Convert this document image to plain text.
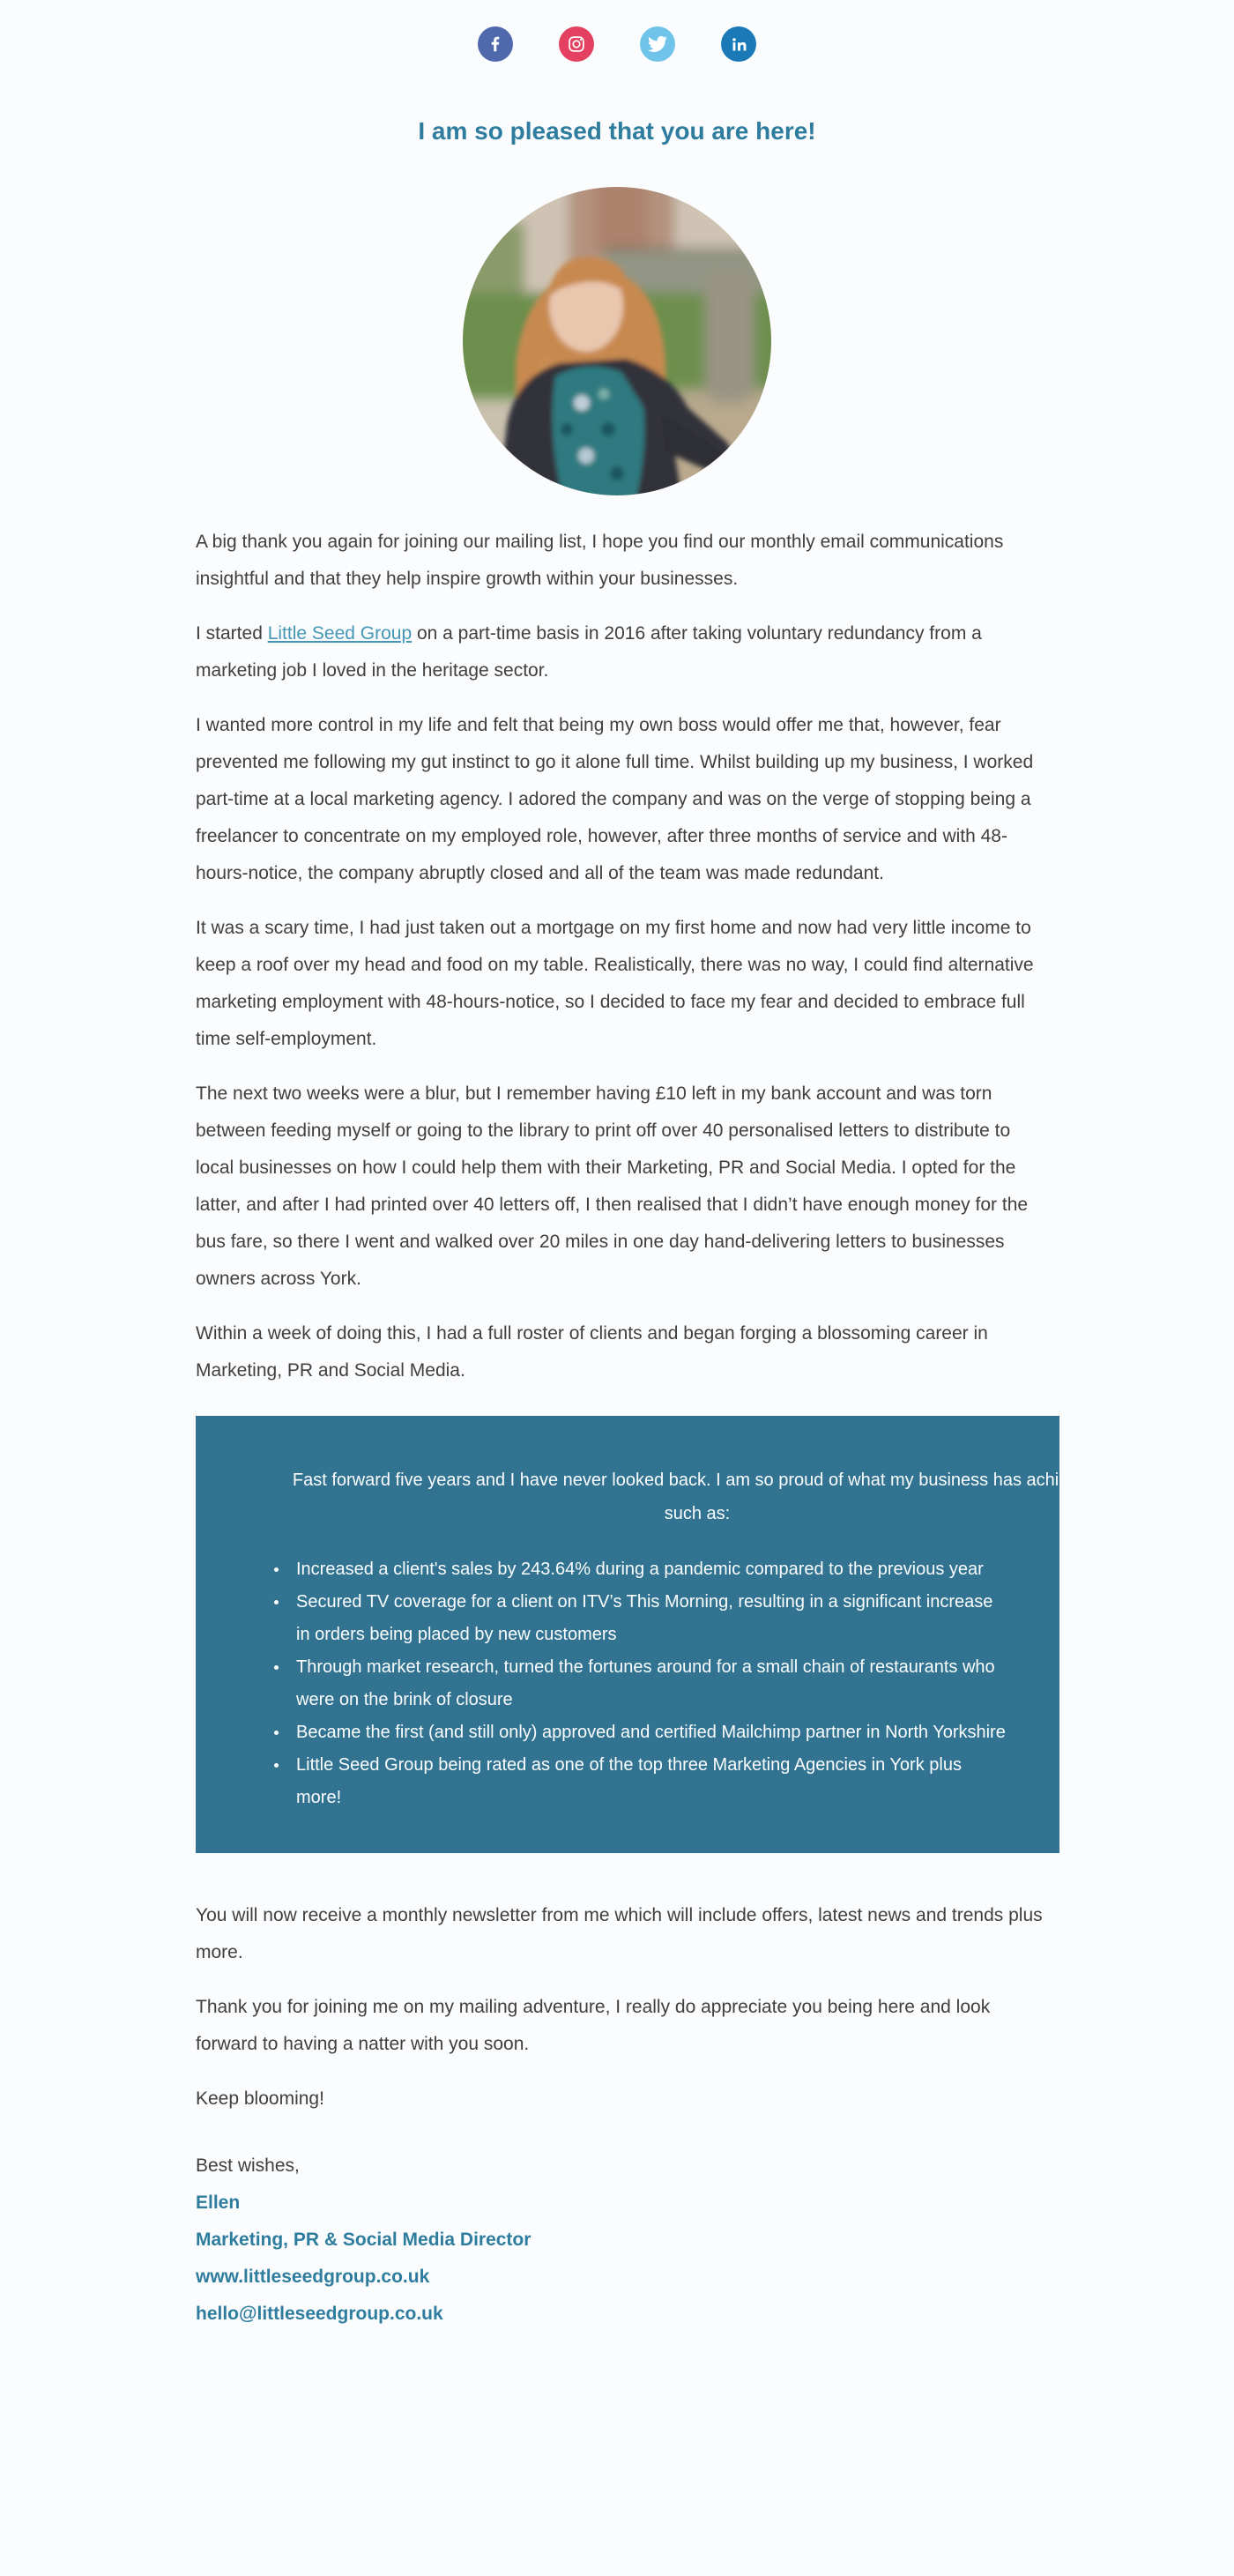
I am so pleased that you are here!

A big thank you again for joining our mailing list, I hope you find our monthly email communications insightful and that they help inspire growth within your businesses.

I started Little Seed Group on a part-time basis in 2016 after taking voluntary redundancy from a marketing job I loved in the heritage sector.

I wanted more control in my life and felt that being my own boss would offer me that, however, fear prevented me following my gut instinct to go it alone full time. Whilst building up my business, I worked part-time at a local marketing agency. I adored the company and was on the verge of stopping being a freelancer to concentrate on my employed role, however, after three months of service and with 48-hours-notice, the company abruptly closed and all of the team was made redundant.

It was a scary time, I had just taken out a mortgage on my first home and now had very little income to keep a roof over my head and food on my table. Realistically, there was no way, I could find alternative marketing employment with 48-hours-notice, so I decided to face my fear and decided to embrace full time self-employment.

The next two weeks were a blur, but I remember having £10 left in my bank account and was torn between feeding myself or going to the library to print off over 40 personalised letters to distribute to local businesses on how I could help them with their Marketing, PR and Social Media. I opted for the latter, and after I had printed over 40 letters off, I then realised that I didn’t have enough money for the bus fare, so there I went and walked over 20 miles in one day hand-delivering letters to businesses owners across York.

Within a week of doing this, I had a full roster of clients and began forging a blossoming career in Marketing, PR and Social Media.

Fast forward five years and I have never looked back. I am so proud of what my business has achieved, such as:

• Increased a client's sales by 243.64% during a pandemic compared to the previous year
• Secured TV coverage for a client on ITV’s This Morning, resulting in a significant increase in orders being placed by new customers
• Through market research, turned the fortunes around for a small chain of restaurants who were on the brink of closure
• Became the first (and still only) approved and certified Mailchimp partner in North Yorkshire
• Little Seed Group being rated as one of the top three Marketing Agencies in York plus more!

You will now receive a monthly newsletter from me which will include offers, latest news and trends plus more.

Thank you for joining me on my mailing adventure, I really do appreciate you being here and look forward to having a natter with you soon.

Keep blooming!

Best wishes,
Ellen
Marketing, PR & Social Media Director
www.littleseedgroup.co.uk
hello@littleseedgroup.co.uk
